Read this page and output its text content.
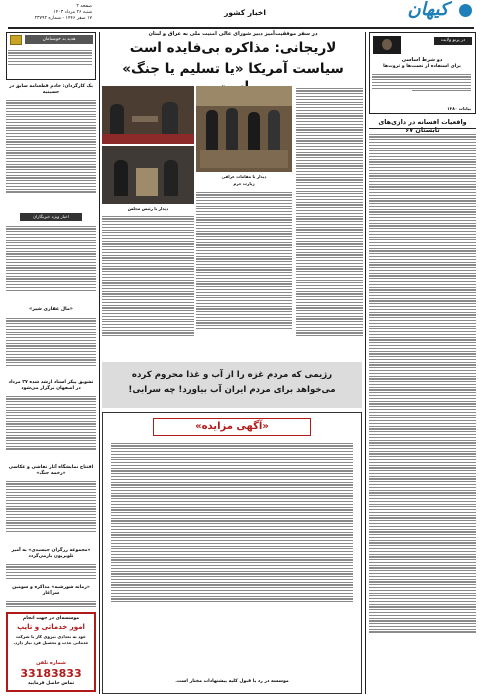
صفحه ۲
شنبه ۲۶ مرداد ۱۴۰۳
۱۷ صفر ۱۴۴۶ - شماره ۲۳۷۹۲
اخبار کشور	کیهان
در پرتو ولایت
دو شرط اساسی
برای استفاده از نعمت‌ها و ثروت‌ها
بیانات ۱۳۸۰
واقعیات افسانه‌ در دازی‌های تابستان ۶۷
هدیه به خوشنامان
یک کارگردان: خادم قطعنامه سابق در حسینیه
اخبار ویژه خبرنگاران
«مال عقاری شیر»
تشویق پیکر استاد ارشد شده ۲۷ مرداد در اصفهان برگزار می‌شود
افتتاح نمایشگاه آثار نقاشی و عکاسی «زخمه جنگ»
«مجموعه زرگران جیسیدی» به آمیز تلویزیون بازمی‌گردد
«زمانه شورشیه» مذاکره و سومین سرآغاز
موسسه‌ای در جهت انجام
امور خدماتی و تایپ
خود به تعدادی نیروی کار با شرکت خدماتی جذب و تحصیل فرد نیاز دارد.
شماره تلفن
33183833
تماس حاصل فرمایید
در سفر موفقیت‌آمیز دبیر شورای عالی امنیت ملی به عراق و لبنان
لاریجانی: مذاکره بی‌فایده است
سیاست آمریکا «یا تسلیم یا جنگ»
دیدار با رئیس مجلس
دیدار با مقامات عراقی
زیارت حرم
رژیمی که مردم غزه را از آب و غذا محروم کرده
می‌خواهد برای مردم ایران آب بیاورد! چه سرابی!
«آگهی مزایده»
موسسه در رد یا قبول کلیه پیشنهادات مختار است.
